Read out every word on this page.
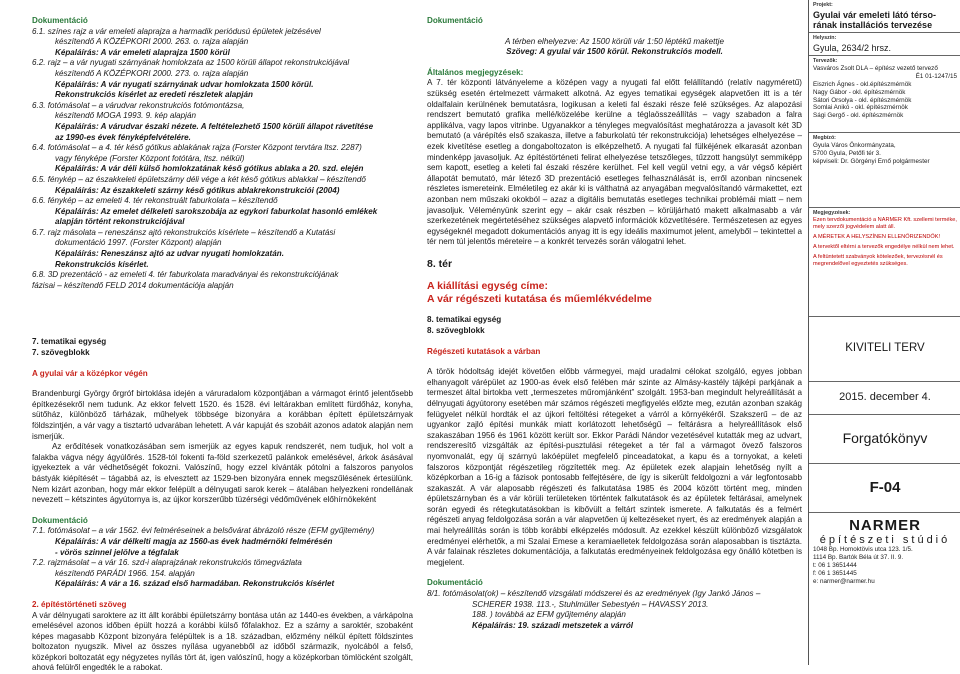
Dokumentáció

6.1. színes rajz a vár emeleti alaprajza a harmadik periódusú épületek jelzésével

készítendő A KÖZÉPKORI 2000. 263. o. rajza alapján

Képaláírás: A vár emeleti alaprajza 1500 körül

6.2. rajz – a vár nyugati szárnyának homlokzata az 1500 körüli állapot rekonstrukciójával

készítendő A KÖZÉPKORI 2000. 273. o. rajza alapján

Képaláírás: A vár nyugati szárnyának udvar homlokzata 1500 körül.

Rekonstrukciós kísérlet az eredeti részletek alapján

6.3. fotómásolat – a várudvar rekonstrukciós fotómontázsa,

készítendő MOGA 1993. 9. kép alapján

Képaláírás: A várudvar északi nézete. A feltételezhető 1500 körüli állapot rávetítése

az 1990-es évek fényképfelvételére.

6.4. fotómásolat – a 4. tér késő gótikus ablakának rajza (Forster Központ tervtára ltsz. 2287)

vagy fényképe (Forster Központ fotótára, ltsz. nélkül)

Képaláírás: A vár déli külső homlokzatának késő gótikus ablaka a 20. szd. elején

6.5. fénykép – az északkeleti épületszárny déli vége a két késő gótikus ablakkal – készítendő

Képaláírás: Az északkeleti szárny késő gótikus ablakrekonstrukciói (2004)

6.6. fénykép – az emeleti 4. tér rekonstruált faburkolata – készítendő

Képaláírás: Az emelet délkeleti sarokszobája az egykori faburkolat hasonló emlékek

alapján történt rekonstrukciójával

6.7. rajz másolata – reneszánsz ajtó rekonstrukciós kísérlete – készítendő a Kutatási

dokumentáció 1997. (Forster Központ) alapján

Képaláírás: Reneszánsz ajtó az udvar nyugati homlokzatán.

Rekonstrukciós kísérlet.

6.8. 3D prezentáció - az emeleti 4. tér faburkolata maradványai és rekonstrukciójának

fázisai – készítendő FELD 2014 dokumentációja alapján

7. tematikai egység
7. szövegblokk
A gyulai vár a középkor végén

Brandenburgi György őrgróf birtoklása idején a váruradalom központjában a vármagot érintő jelentősebb építkezésekről nem tudunk. Az ekkor felvett 1520. és 1528. évi leltárakban említett fürdőház, konyha, sütőház, különböző tárházak, műhelyek többsége bizonyára a korábban épített épületszárnyak földszintjén, a vár vagy a tisztartó udvarában lehetett. A vár kapuját és szobáit azonos adatok alapján nem ismerjük.

Az erődítések vonatkozásában sem ismerjük az egyes kapuk rendszerét, nem tudjuk, hol volt a falakba vágva négy ágyúlőrés. 1528-tól fokenti fa-föld szerkezetű palánkok emelésével, árkok ásásával igyekeztek a vár védhetőségét fokozni. Valószínű, hogy ezzel kívánták pótolni a falszoros panyolos bástyák kiépítését – tágabbá az, is elvesztett az 1529-ben bizonyára ennek megszűlésének értesülünk. Nem kizárt azonban, hogy már ekkor felépült a délnyugati sarok kerek – átalában helyezkeni rondellának nevezett – kétszintes ágyútornya is, az újkor korszerűbb tüzérségi védőművének előhírnökeként

Dokumentáció

7.1. fotómásolat – a vár 1562. évi felméréseinek a belsővárat ábrázoló része (EFM gyűjtemény)

Képaláírás: A vár délkelti magja az 1560-as évek hadmérnöki felmérésén

- vörös szinnel jelölve a tégfalak

7.2. rajzmásolat – a vár 16. szd-i alaprajzának rekonstrukciós tömegvázlata

készítendő PARÁDI 1966. 154. alapján

Képaláírás: A vár a 16. század első harmadában. Rekonstrukciós kísérlet

2. építéstörténeti szöveg

A vár délnyugati saroktere az itt állt korábbi épületszárny bontása után az 1440-es években, a várkápolna emelésével azonos időben épült hozzá a korábbi külső főfalakhoz. Ez a szárny a saroktér, szobaként képes magasabb Központ bizonyára felépültek is a 18. században, előzmény nélkül épített földszintes boltozaton nyugszik. Mivel az összes nyílása ugyanebből az időből származik, nyolcából a felső, középkori boltozatát egy négyzetes nyílás tört át, igen valószínű, hogy a középkorban tömlöcként szolgált, ahová felülről engedték le a rabokat.

Dokumentáció
A térben elhelyezve: Az 1500 körüli vár 1:50 léptékű makettje
Szöveg: A gyulai vár 1500 körül. Rekonstrukciós modell.
Általános megjegyzések:

A 7. tér központi látványeleme a középen vagy a nyugati fal előtt felállítandó (relatív nagyméretű) szükség esetén értelmezett vármakett alkotná. Az egyes tematikai egységek alapvetően itt is a tér oldalfalain kerülnének bemutatásra, logikusan a keleti fal északi része felé szükséges. Az alapozási rendszert bemutató grafika mellé/közelébe kerülne a téglaösszeállítás – vagy szabadon a falra applikálva, vagy lapos vitrinbe. Ugyanakkor a tényleges megvalósítást meghatározza a javasolt két 3D bemutató (a várépítés első szakasza, illetve a faburkolatú tér rekonstrukciója) lehetséges elhelyezése – ezek kivetítése esetleg a dongaboltozaton is elképzelhető. A nyugati fal fülkéjének elkarasát azonban mindenképp javasoljuk. Az építéstörténeti felirat elhelyezése tetszőleges, tűzzott hangsúlyt semmiképp sem kapott, esetleg a keleti fal északi részére kerülhet. Fel kell vegül vetni egy, a vár végső képiért állapotát bemutató, már létező 3D prezentáció esetleges felhasználását is, erről azonban nincsenek részletes ismereteink. Elméletileg ez akár ki is válthatná az anyagában megvalósítandó vármakettet, ezt azonban nem műszaki okokból – azaz a digitális bemutatás esetleges technikai problémái miatt – nem javasoljuk. Véleményünk szerint egy – akár csak részben – körüljárható makett alkalmasabb a vár szerkezetének megértetéséhez szükséges alapvető információk közvetítésére. Természetesen az egyes egységeknél megadott dokumentációs anyag itt is egy ideális maximumot jelent, amelyből – tekintettel a tér nem túl jelentős méreteire – a konkrét tervezés során válogatni lehet.

8. tér
A kiállítási egység címe:
A vár régészeti kutatása és műemlékvédelme
8. tematikai egység
8. szövegblokk
Régészeti kutatások a várban

A török hódoltság idejét követően előbb vármegyei, majd uradalmi célokat szolgáló, egyes jobban elhanyagolt várépület az 1900-as évek első felében már szinte az Almásy-kastély tájképi parkjának a termeszet által birtokba vett „termeszetes műromjánként” szolgált. 1953-ban megindult helyreállítását a délnyugati ágyútorony esetében már számos régészeti megfigyelés előzte meg, ezután azonban szakág felügyelet nélkül hordták el az újkori feltöltési rétegeket a várról a környékéről. Szakszerű – de az ugyankor zajló építési munkák miatt korlátozott lehetőségű – feltárásra a helyreállítások első szakaszában 1956 és 1961 között került sor. Ekkor Parádi Nándor vezetésével kutatták meg az udvart, rendszeresítő vizsgálták az építési-pusztulási rétegeket a tér fal a vármagot övező falszoros nyomvonalát, egy új szárnyú lakóépület megfelelő pinceadatokat, a kapu és a tornyokat, a keleti falszoros központját régészetileg rögzítették meg. Az épületek ezek alapjain lehetőség nyílt a középkorban a 16-ig a fázisok pontosabb felfejtésére, de így is sikerült feldolgozni a vár legfontosabb szakaszát. A vár alaposabb régészeti és falkutatása 1985 és 2004 között történt meg, minden épületszárnyban és a vár körüli területeken történtek falkutatások és az épületek feltárásai, amelynek során egyedi és rétegkutatásokban is kibővült a feltárt szintek ismerete. A falkutatás és a felmért régészeti anyag feldolgozása során a vár alapvetően új keltezéseket nyert, és az eredmények alapján a mai helyreállítás során is több korábbi elképzelés módosult. Az ezekkel készült különböző vizsgálatok eredményei elérhetők, a mi Szalai Emese a keramiaelletek feldolgozása során alaposabban is tisztázta. A vár falainak részletes dokumentációja, a falkutatás eredményeinek feldolgozása egy önálló kötetben is megjelent.

Dokumentáció

8/1. fotómásolat(ok) – készítendő vizsgálati módszerei és az eredmények (Igy Jankó János –

SCHERER 1938. 113.-, Stuhlmüller Sebestyén – HAVASSY 2013.

188. ) továbbá az EFM gyűjtemény alapján

Képaláírás: 19. századi metszetek a várról

Projekt:
Gyulai vár emeleti látó térso-rának installációs tervezése
Helyszín:
Gyula, 2634/2 hrsz.
Tervezők:
Vasváros Zsolt DLA – építész vezető tervező
É1 01-1247/15
Eiszrich Ágnes - okl.építészmérnök
Nagy Gábor - okl. építészmérnök
Sátori Orsolya - okl. építészmérnök
Somlai Anikó - okl. építészmérnök
Sági Gergő - okl. építészmérnök
Megbízó:
Gyula Város Önkormányzata,
5700 Gyula, Petőfi tér 3.
képviseli: Dr. Görgényi Ernő polgármester
Megjegyzések:
Ezen tervdokumentáció a NARMER Kft. szellemi terméke, mely szerzői jogvédelem alatt áll.
A MÉRETEK A HELYSZÍNEN ELLENŐRIZENDŐK!
A tervektől eltérni a tervezők engedélye nélkül nem lehet.
A feltüntetett szabványok kötelezőek, tervezésnél és megrendelővel egyeztetés szükséges.
KIVITELI TERV
2015. december 4.
Forgatókönyv
F-04
NARMER
építészeti stúdió
1048 Bp. Homoktövis utca 123. 1/5.
1114 Bp. Bartók Béla út 37. II. 9.
t: 06 1 3651444
f: 06 1 3651445
e: narmer@narmer.hu
